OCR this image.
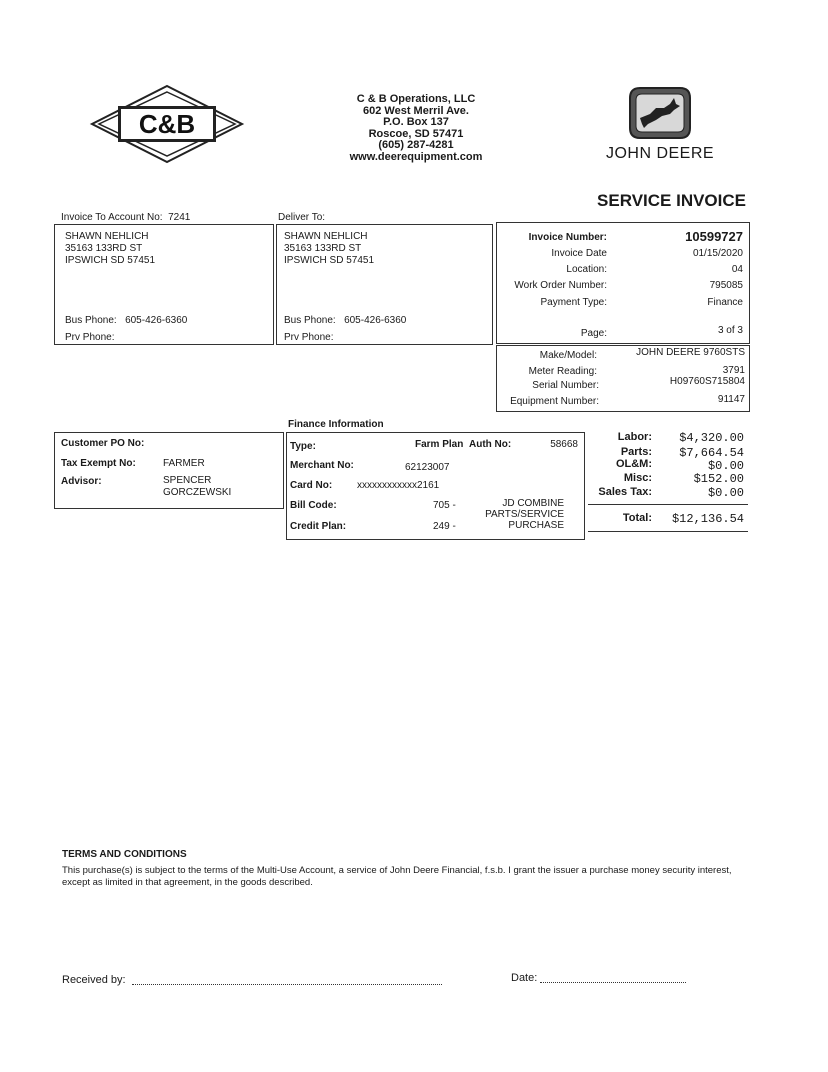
C&B
C & B Operations, LLC
602 West Merril Ave.
P.O. Box 137
Roscoe, SD 57471
(605) 287-4281
www.deerequipment.com	JOHN DEERE
SERVICE INVOICE
Invoice To Account No: 7241
SHAWN NEHLICH
35163 133RD ST
IPSWICH SD 57451
Bus Phone: 605-426-6360
Prv Phone:
Deliver To:
SHAWN NEHLICH
35163 133RD ST
IPSWICH SD 57451
Bus Phone: 605-426-6360
Prv Phone:
Invoice Number:	10599727
Invoice Date	01/15/2020
Location:	04
Work Order Number:	795085
Payment Type:	Finance
Page:	3 of 3
Make/Model:	JOHN DEERE 9760STS
Meter Reading:	3791
Serial Number:	H09760S715804
Equipment Number:	91147
Customer PO No:
Tax Exempt No:	FARMER
Advisor:	SPENCER
GORCZEWSKI
Finance Information
Type:	Farm Plan Auth No:	58668
Merchant No:	62123007
Card No: xxxxxxxxxxxx2161
Bill Code:	705 -	JD COMBINE
PARTS/SERVICE
PURCHASE
Credit Plan:	249 -
Labor: $4,320.00
Parts: $7,664.54
OL&M:	$0.00
Misc:	$152.00
Sales Tax:	$0.00
Total: $12,136.54
TERMS AND CONDITIONS
This purchase(s) is subject to the terms of the Multi-Use Account, a service of John Deere Financial, f.s.b. I grant the issuer a purchase money security interest, except as limited in that agreement, in the goods described.
Received by:	Date:
